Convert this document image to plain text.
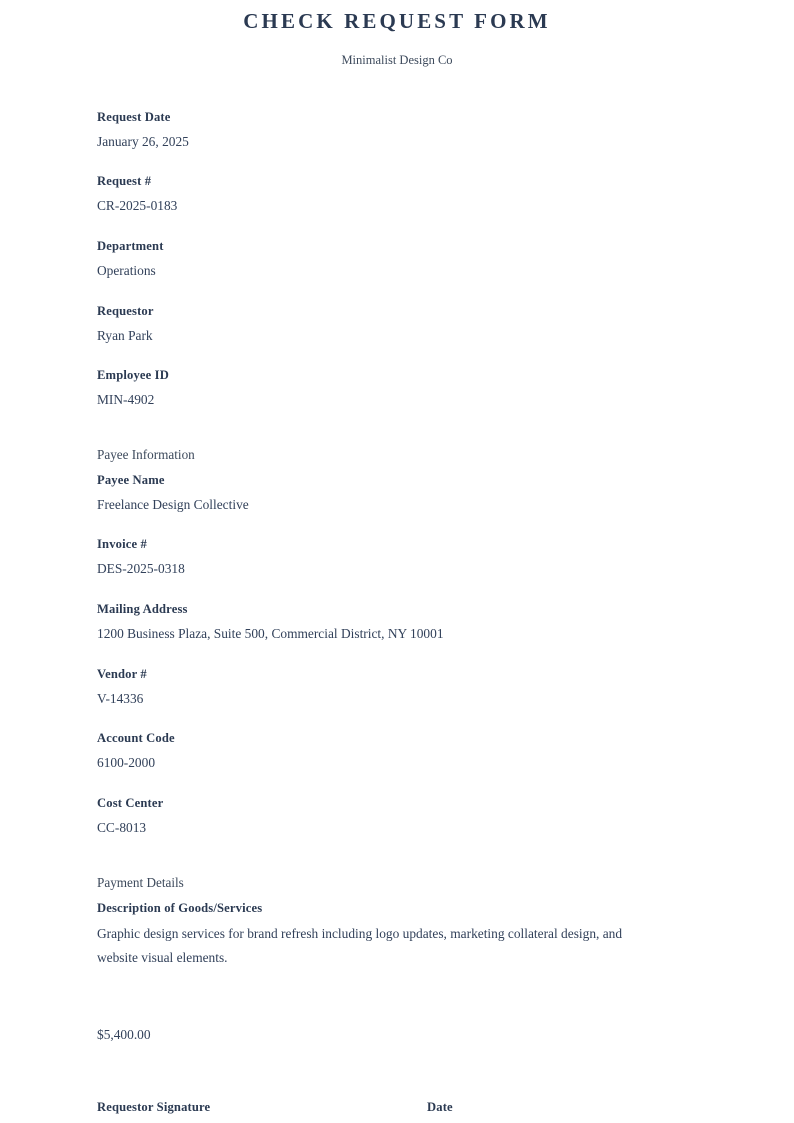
CHECK REQUEST FORM
Minimalist Design Co
Request Date
January 26, 2025
Request #
CR-2025-0183
Department
Operations
Requestor
Ryan Park
Employee ID
MIN-4902
Payee Information
Payee Name
Freelance Design Collective
Invoice #
DES-2025-0318
Mailing Address
1200 Business Plaza, Suite 500, Commercial District, NY 10001
Vendor #
V-14336
Account Code
6100-2000
Cost Center
CC-8013
Payment Details
Description of Goods/Services
Graphic design services for brand refresh including logo updates, marketing collateral design, and website visual elements.
$5,400.00
Requestor Signature	Date
